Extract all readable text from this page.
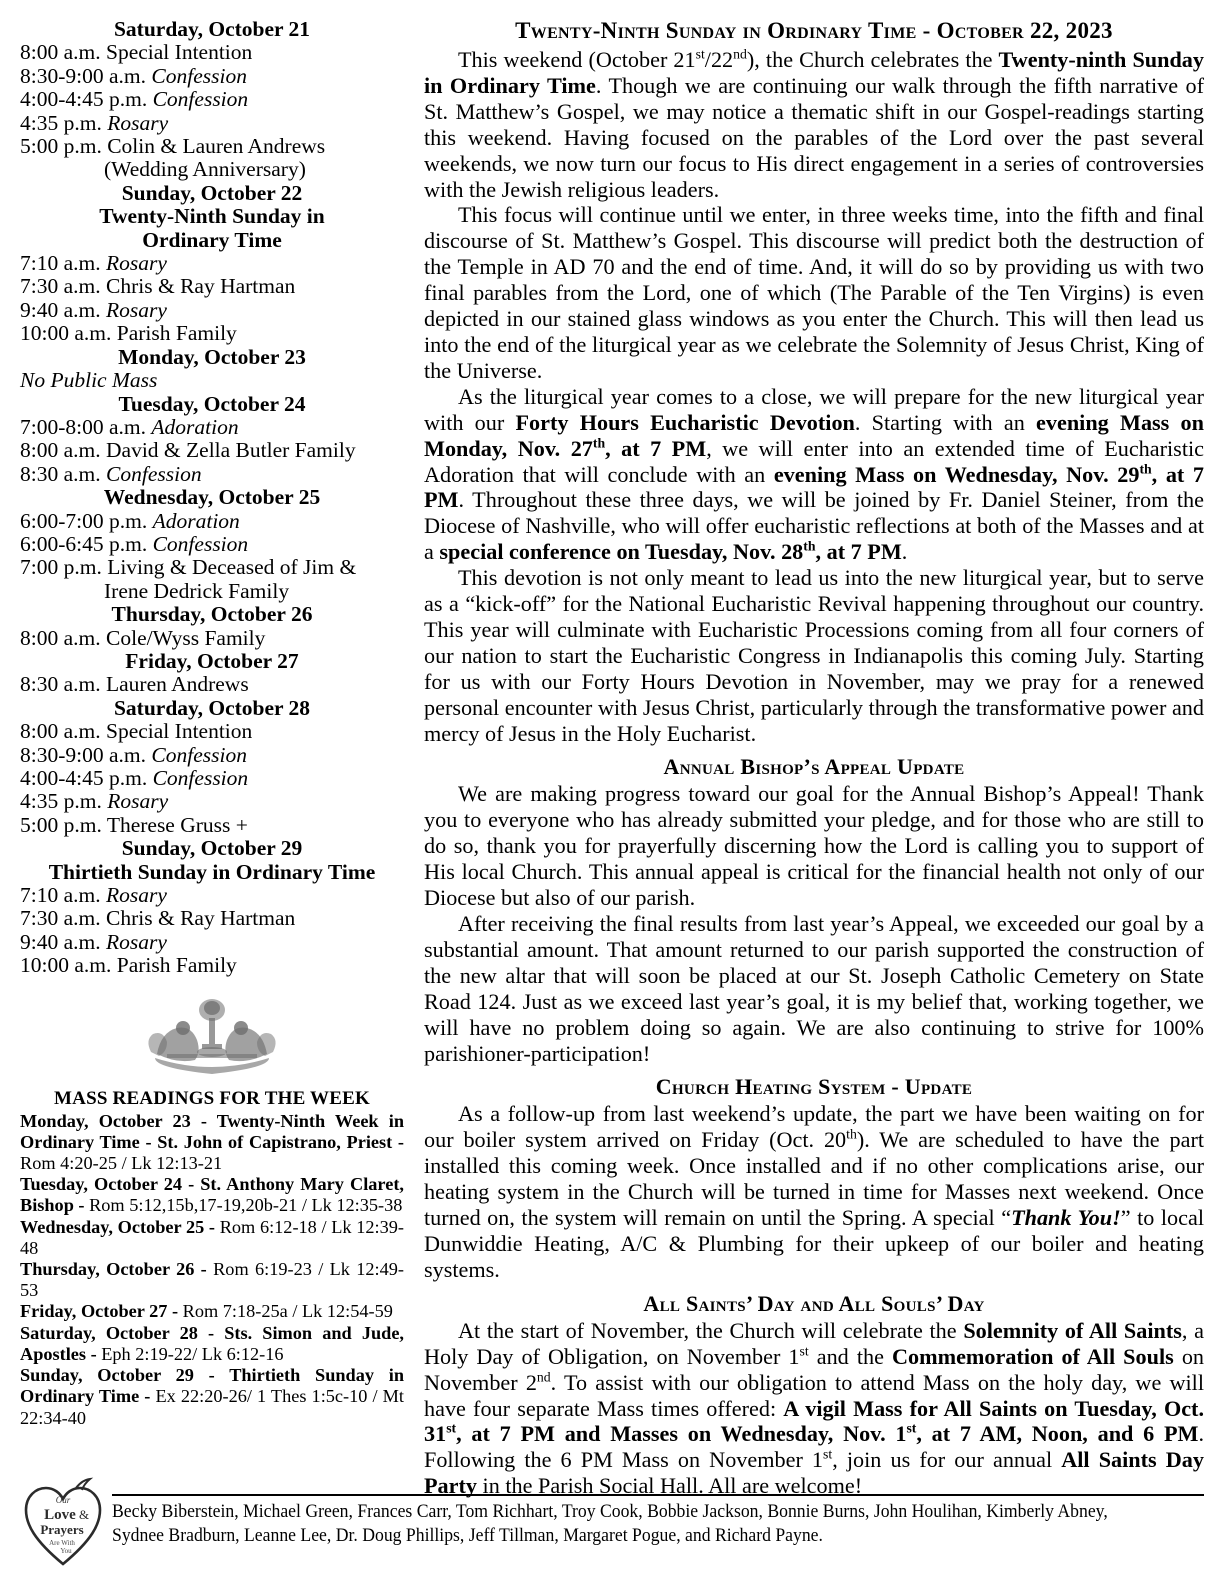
Saturday, October 21
8:00 a.m. Special Intention
8:30-9:00 a.m. Confession
4:00-4:45 p.m. Confession
4:35 p.m. Rosary
5:00 p.m. Colin & Lauren Andrews
(Wedding Anniversary)
Sunday, October 22
Twenty-Ninth Sunday in
Ordinary Time
7:10 a.m. Rosary
7:30 a.m. Chris & Ray Hartman
9:40 a.m. Rosary
10:00 a.m. Parish Family
Monday, October 23
No Public Mass
Tuesday, October 24
7:00-8:00 a.m. Adoration
8:00 a.m. David & Zella Butler Family
8:30 a.m. Confession
Wednesday, October 25
6:00-7:00 p.m. Adoration
6:00-6:45 p.m. Confession
7:00 p.m. Living & Deceased of Jim &
Irene Dedrick Family
Thursday, October 26
8:00 a.m. Cole/Wyss Family
Friday, October 27
8:30 a.m. Lauren Andrews
Saturday, October 28
8:00 a.m. Special Intention
8:30-9:00 a.m. Confession
4:00-4:45 p.m. Confession
4:35 p.m. Rosary
5:00 p.m. Therese Gruss +
Sunday, October 29
Thirtieth Sunday in Ordinary Time
7:10 a.m. Rosary
7:30 a.m. Chris & Ray Hartman
9:40 a.m. Rosary
10:00 a.m. Parish Family
MASS READINGS FOR THE WEEK

Monday, October 23 - Twenty-Ninth Week in Ordinary Time - St. John of Capistrano, Priest - Rom 4:20-25 / Lk 12:13-21

Tuesday, October 24 - St. Anthony Mary Claret, Bishop - Rom 5:12,15b,17-19,20b-21 / Lk 12:35-38

Wednesday, October 25 - Rom 6:12-18 / Lk 12:39-48

Thursday, October 26 - Rom 6:19-23 / Lk 12:49-53

Friday, October 27 - Rom 7:18-25a / Lk 12:54-59

Saturday, October 28 - Sts. Simon and Jude, Apostles - Eph 2:19-22/ Lk 6:12-16

Sunday, October 29 - Thirtieth Sunday in Ordinary Time - Ex 22:20-26/ 1 Thes 1:5c-10 / Mt 22:34-40

Twenty-Ninth Sunday in Ordinary Time - October 22, 2023

This weekend (October 21st/22nd), the Church celebrates the Twenty-ninth Sunday in Ordinary Time. Though we are continuing our walk through the fifth narrative of St. Matthew’s Gospel, we may notice a thematic shift in our Gospel-readings starting this weekend. Having focused on the parables of the Lord over the past several weekends, we now turn our focus to His direct engagement in a series of controversies with the Jewish religious leaders.

This focus will continue until we enter, in three weeks time, into the fifth and final discourse of St. Matthew’s Gospel. This discourse will predict both the destruction of the Temple in AD 70 and the end of time. And, it will do so by providing us with two final parables from the Lord, one of which (The Parable of the Ten Virgins) is even depicted in our stained glass windows as you enter the Church. This will then lead us into the end of the liturgical year as we celebrate the Solemnity of Jesus Christ, King of the Universe.

As the liturgical year comes to a close, we will prepare for the new liturgical year with our Forty Hours Eucharistic Devotion. Starting with an evening Mass on Monday, Nov. 27th, at 7 PM, we will enter into an extended time of Eucharistic Adoration that will conclude with an evening Mass on Wednesday, Nov. 29th, at 7 PM. Throughout these three days, we will be joined by Fr. Daniel Steiner, from the Diocese of Nashville, who will offer eucharistic reflections at both of the Masses and at a special conference on Tuesday, Nov. 28th, at 7 PM.

This devotion is not only meant to lead us into the new liturgical year, but to serve as a “kick-off” for the National Eucharistic Revival happening throughout our country. This year will culminate with Eucharistic Processions coming from all four corners of our nation to start the Eucharistic Congress in Indianapolis this coming July. Starting for us with our Forty Hours Devotion in November, may we pray for a renewed personal encounter with Jesus Christ, particularly through the transformative power and mercy of Jesus in the Holy Eucharist.

Annual Bishop’s Appeal Update

We are making progress toward our goal for the Annual Bishop’s Appeal! Thank you to everyone who has already submitted your pledge, and for those who are still to do so, thank you for prayerfully discerning how the Lord is calling you to support of His local Church. This annual appeal is critical for the financial health not only of our Diocese but also of our parish.

After receiving the final results from last year’s Appeal, we exceeded our goal by a substantial amount. That amount returned to our parish supported the construction of the new altar that will soon be placed at our St. Joseph Catholic Cemetery on State Road 124. Just as we exceed last year’s goal, it is my belief that, working together, we will have no problem doing so again. We are also continuing to strive for 100% parishioner-participation!

Church Heating System - Update

As a follow-up from last weekend’s update, the part we have been waiting on for our boiler system arrived on Friday (Oct. 20th). We are scheduled to have the part installed this coming week. Once installed and if no other complications arise, our heating system in the Church will be turned in time for Masses next weekend. Once turned on, the system will remain on until the Spring. A special “Thank You!” to local Dunwiddie Heating, A/C & Plumbing for their upkeep of our boiler and heating systems.

All Saints’ Day and All Souls’ Day

At the start of November, the Church will celebrate the Solemnity of All Saints, a Holy Day of Obligation, on November 1st and the Commemoration of All Souls on November 2nd. To assist with our obligation to attend Mass on the holy day, we will have four separate Mass times offered: A vigil Mass for All Saints on Tuesday, Oct. 31st, at 7 PM and Masses on Wednesday, Nov. 1st, at 7 AM, Noon, and 6 PM. Following the 6 PM Mass on November 1st, join us for our annual All Saints Day Party in the Parish Social Hall. All are welcome!

Our
Love &
Prayers
Are With
You

Becky Biberstein, Michael Green, Frances Carr, Tom Richhart, Troy Cook, Bobbie Jackson, Bonnie Burns, John Houlihan, Kimberly Abney,

Sydnee Bradburn, Leanne Lee, Dr. Doug Phillips, Jeff Tillman, Margaret Pogue, and Richard Payne.
